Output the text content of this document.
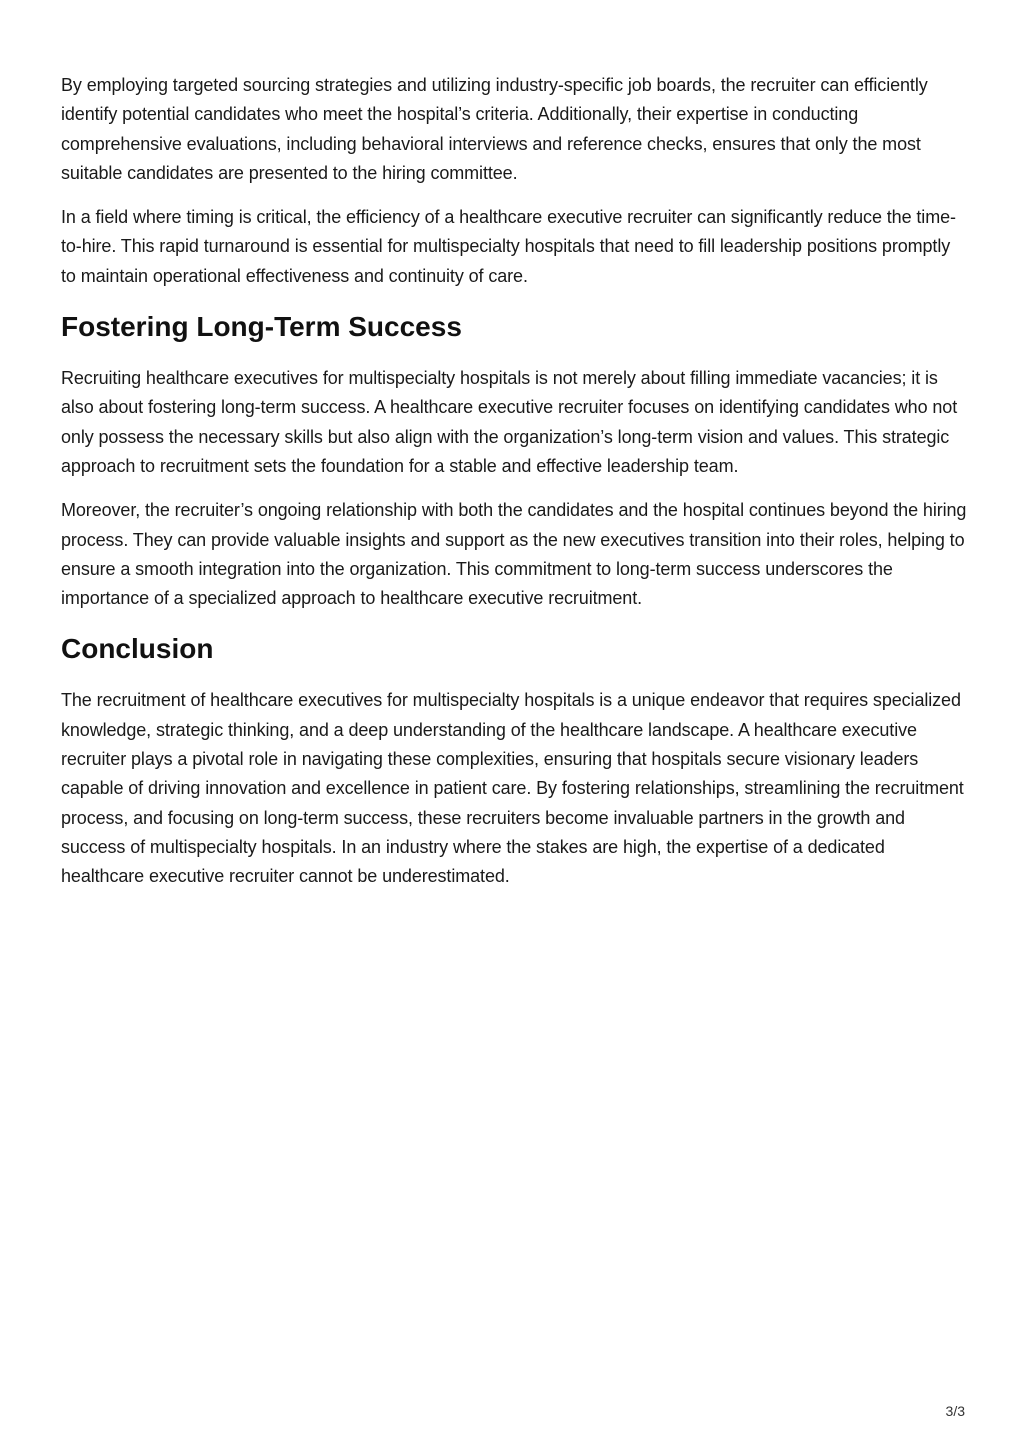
By employing targeted sourcing strategies and utilizing industry-specific job boards, the recruiter can efficiently identify potential candidates who meet the hospital’s criteria. Additionally, their expertise in conducting comprehensive evaluations, including behavioral interviews and reference checks, ensures that only the most suitable candidates are presented to the hiring committee.

In a field where timing is critical, the efficiency of a healthcare executive recruiter can significantly reduce the time-to-hire. This rapid turnaround is essential for multispecialty hospitals that need to fill leadership positions promptly to maintain operational effectiveness and continuity of care.

Fostering Long-Term Success

Recruiting healthcare executives for multispecialty hospitals is not merely about filling immediate vacancies; it is also about fostering long-term success. A healthcare executive recruiter focuses on identifying candidates who not only possess the necessary skills but also align with the organization’s long-term vision and values. This strategic approach to recruitment sets the foundation for a stable and effective leadership team.

Moreover, the recruiter’s ongoing relationship with both the candidates and the hospital continues beyond the hiring process. They can provide valuable insights and support as the new executives transition into their roles, helping to ensure a smooth integration into the organization. This commitment to long-term success underscores the importance of a specialized approach to healthcare executive recruitment.

Conclusion

The recruitment of healthcare executives for multispecialty hospitals is a unique endeavor that requires specialized knowledge, strategic thinking, and a deep understanding of the healthcare landscape. A healthcare executive recruiter plays a pivotal role in navigating these complexities, ensuring that hospitals secure visionary leaders capable of driving innovation and excellence in patient care. By fostering relationships, streamlining the recruitment process, and focusing on long-term success, these recruiters become invaluable partners in the growth and success of multispecialty hospitals. In an industry where the stakes are high, the expertise of a dedicated healthcare executive recruiter cannot be underestimated.

3/3
